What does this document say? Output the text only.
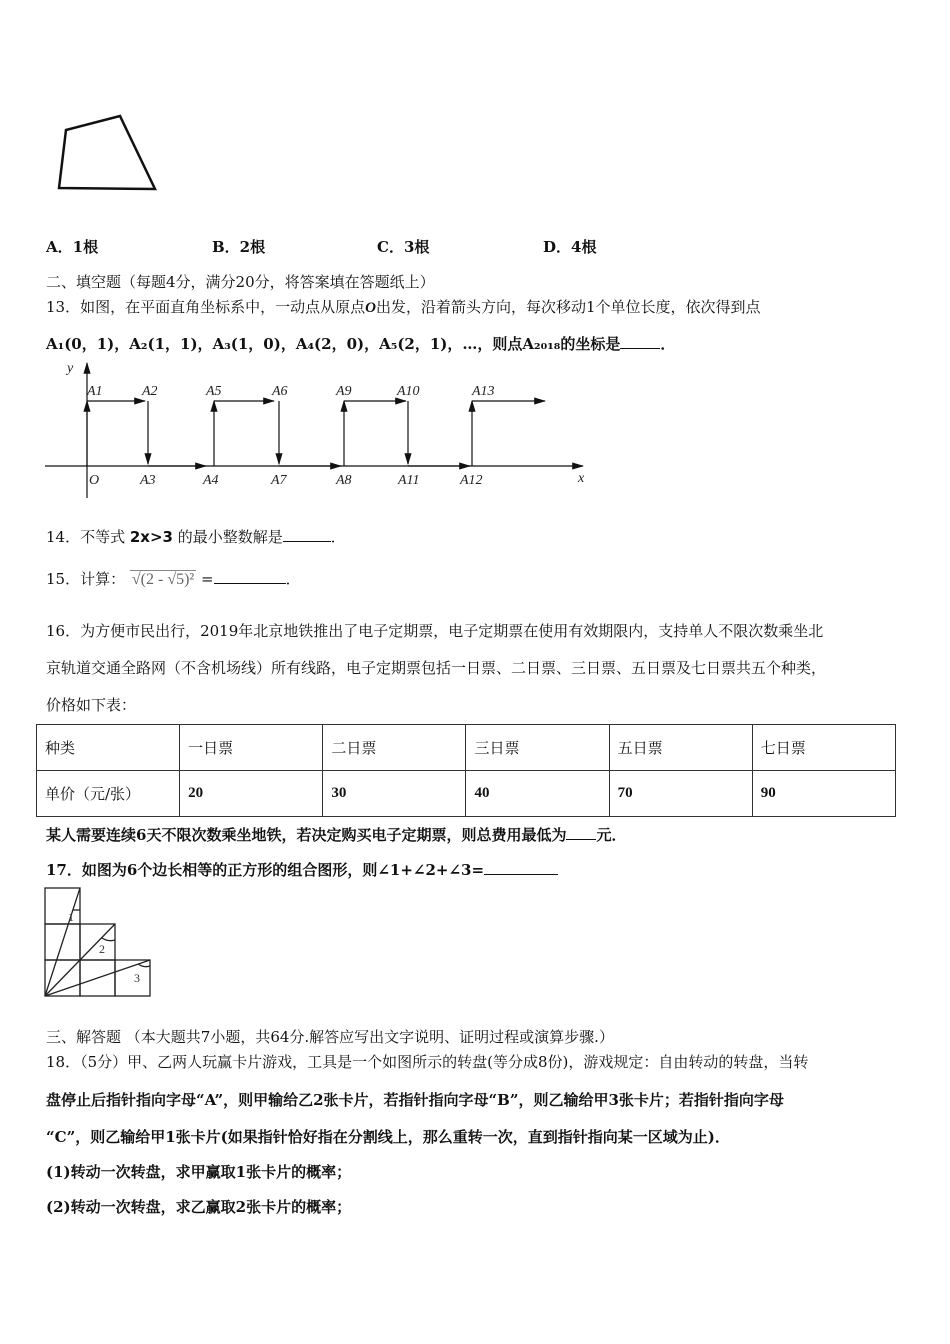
A．1根	B．2根	C．3根	D．4根
二、填空题（每题4分，满分20分，将答案填在答题纸上）
13．如图，在平面直角坐标系中，一动点从原点O出发，沿着箭头方向，每次移动1个单位长度，依次得到点
A₁(0，1)，A₂(1，1)，A₃(1，0)，A₄(2，0)，A₅(2，1)，…，则点A₂₀₁₈的坐标是	．
y
x
O
A1	A2	A5	A6	A9	A10	A13
A3	A4	A7	A8	A11	A12
14．不等式 2x>3 的最小整数解是	．
15．计算： √(2 - √5)² =	．
16．为方便市民出行，2019年北京地铁推出了电子定期票，电子定期票在使用有效期限内，支持单人不限次数乘坐北
京轨道交通全路网（不含机场线）所有线路，电子定期票包括一日票、二日票、三日票、五日票及七日票共五个种类，
价格如下表：
种类	一日票	二日票	三日票	五日票	七日票
单价（元/张）	20	30	40	70	90
某人需要连续6天不限次数乘坐地铁，若决定购买电子定期票，则总费用最低为 元．
17．如图为6个边长相等的正方形的组合图形，则∠1+∠2+∠3=
1
2
3
三、解答题 （本大题共7小题，共64分.解答应写出文字说明、证明过程或演算步骤.）
18．（5分）甲、乙两人玩赢卡片游戏，工具是一个如图所示的转盘(等分成8份)，游戏规定：自由转动的转盘，当转
盘停止后指针指向字母“A”，则甲输给乙2张卡片，若指针指向字母“B”，则乙输给甲3张卡片；若指针指向字母
“C”，则乙输给甲1张卡片(如果指针恰好指在分割线上，那么重转一次，直到指针指向某一区域为止)．
(1)转动一次转盘，求甲赢取1张卡片的概率；
(2)转动一次转盘，求乙赢取2张卡片的概率；
